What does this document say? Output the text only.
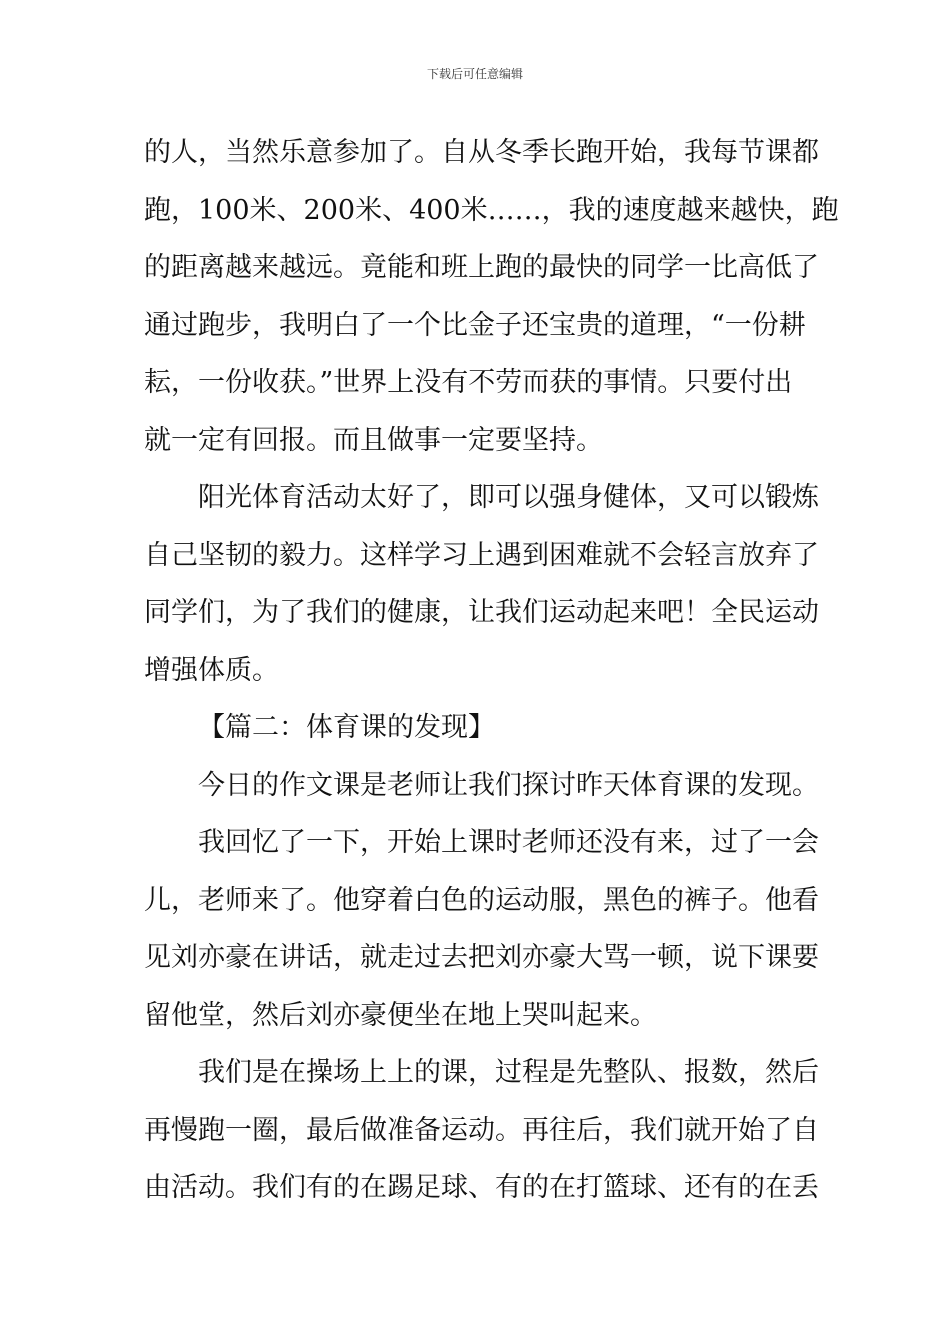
下载后可任意编辑
的人，当然乐意参加了。自从冬季长跑开始，我每节课都
跑，100米、200米、400米……，我的速度越来越快，跑
的距离越来越远。竟能和班上跑的最快的同学一比高低了
通过跑步，我明白了一个比金子还宝贵的道理，“一份耕
耘，一份收获。”世界上没有不劳而获的事情。只要付出
就一定有回报。而且做事一定要坚持。
阳光体育活动太好了，即可以强身健体，又可以锻炼
自己坚韧的毅力。这样学习上遇到困难就不会轻言放弃了
同学们，为了我们的健康，让我们运动起来吧！全民运动
增强体质。
【篇二：体育课的发现】
今日的作文课是老师让我们探讨昨天体育课的发现。
我回忆了一下，开始上课时老师还没有来，过了一会
儿，老师来了。他穿着白色的运动服，黑色的裤子。他看
见刘亦豪在讲话，就走过去把刘亦豪大骂一顿，说下课要
留他堂，然后刘亦豪便坐在地上哭叫起来。
我们是在操场上上的课，过程是先整队、报数，然后
再慢跑一圈，最后做准备运动。再往后，我们就开始了自
由活动。我们有的在踢足球、有的在打篮球、还有的在丢
